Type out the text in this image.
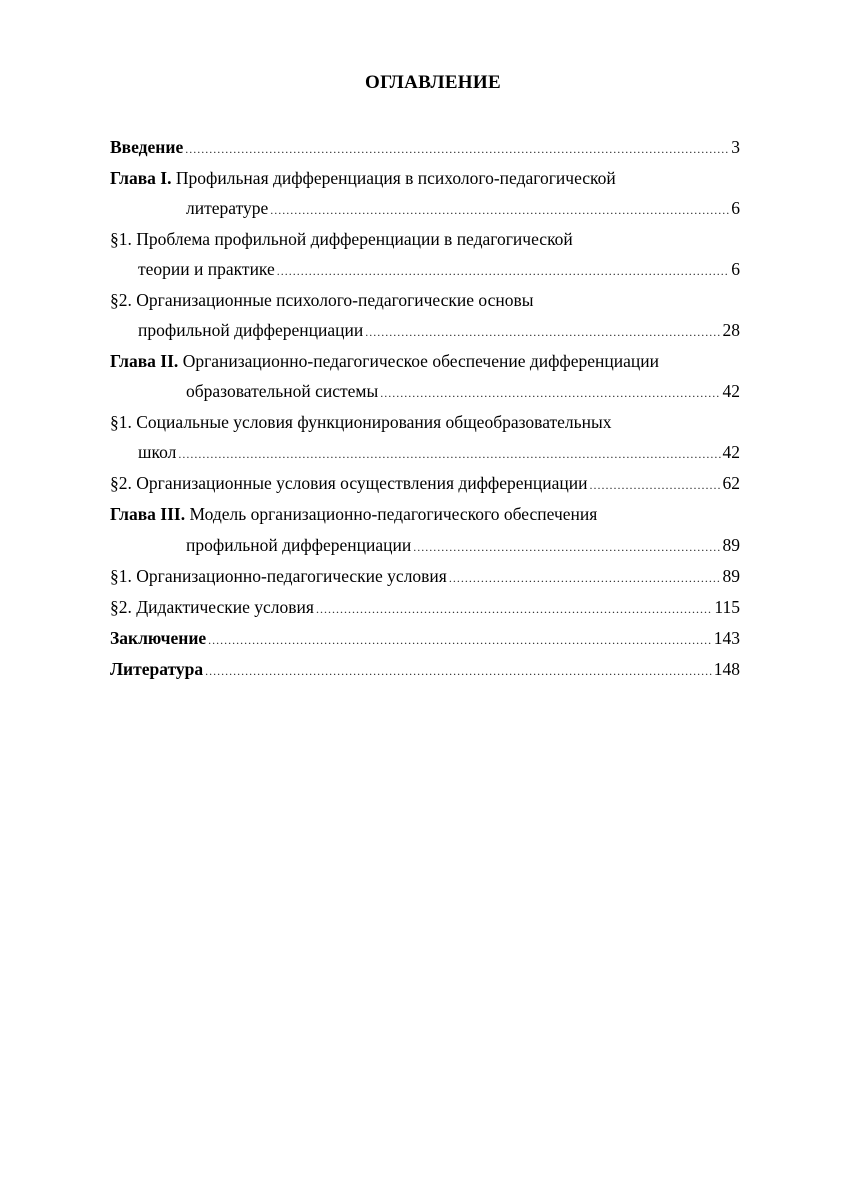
ОГЛАВЛЕНИЕ
Введение .....	3
Глава I. Профильная дифференциация в психолого-педагогической
литературе .....	6
§1. Проблема профильной дифференциации в педагогической
теории и практике .....	6
§2. Организационные психолого-педагогические основы
профильной дифференциации .....	28
Глава II. Организационно-педагогическое обеспечение дифференциации
образовательной системы .....	42
§1. Социальные условия функционирования общеобразовательных
школ .....	42
§2. Организационные условия осуществления дифференциации .....	62
Глава III. Модель организационно-педагогического обеспечения
профильной дифференциации .....	89
§1. Организационно-педагогические условия .....	89
§2. Дидактические условия .....	115
Заключение .....	143
Литература .....	148
